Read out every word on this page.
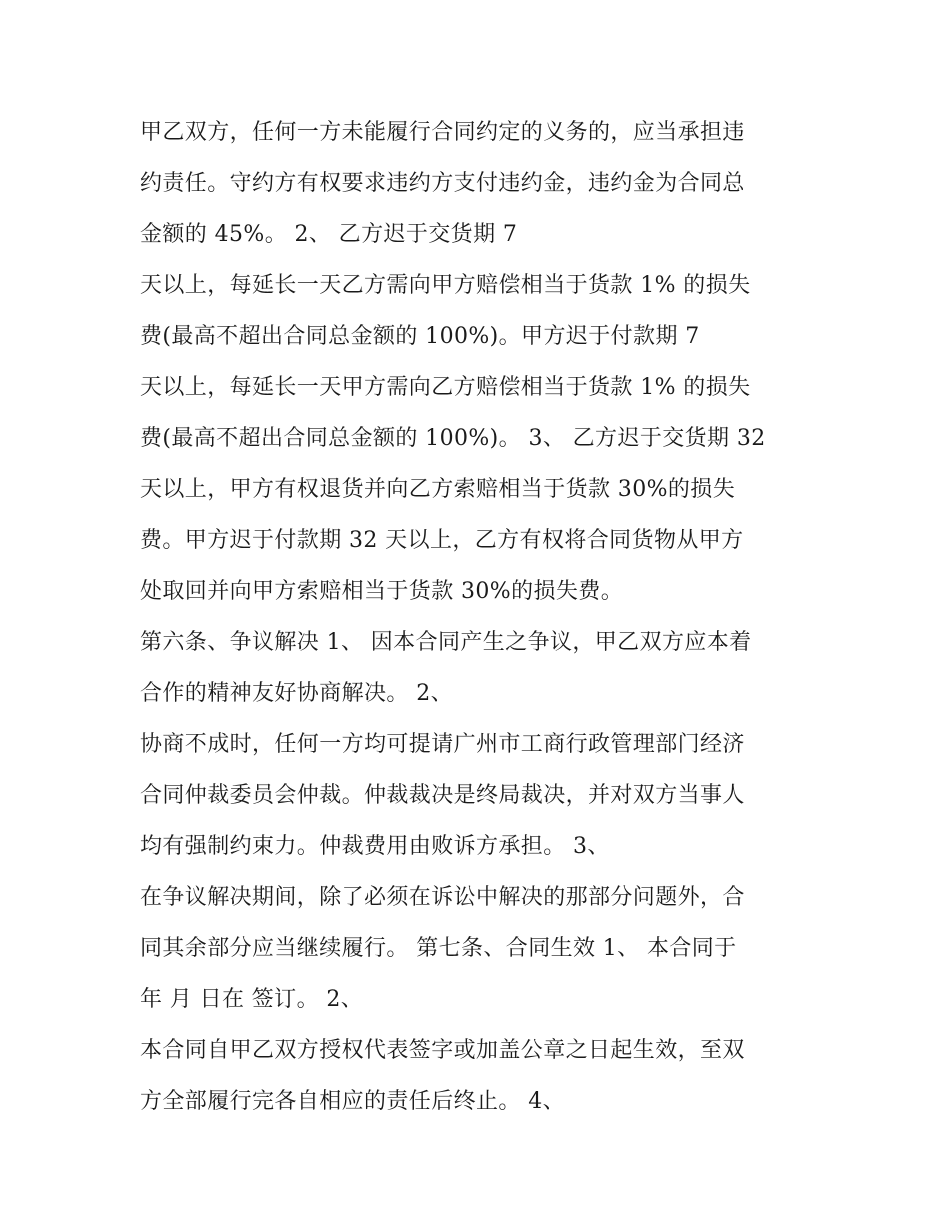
甲乙双方，任何一方未能履行合同约定的义务的，应当承担违
约责任。守约方有权要求违约方支付违约金，违约金为合同总
金额的 45%。 2、 乙方迟于交货期 7
天以上，每延长一天乙方需向甲方赔偿相当于货款 1% 的损失
费(最高不超出合同总金额的 100%)。甲方迟于付款期 7
天以上，每延长一天甲方需向乙方赔偿相当于货款 1% 的损失
费(最高不超出合同总金额的 100%)。 3、 乙方迟于交货期 32
天以上，甲方有权退货并向乙方索赔相当于货款 30%的损失
费。甲方迟于付款期 32 天以上，乙方有权将合同货物从甲方
处取回并向甲方索赔相当于货款 30%的损失费。
第六条、争议解决 1、 因本合同产生之争议，甲乙双方应本着
合作的精神友好协商解决。 2、
协商不成时，任何一方均可提请广州市工商行政管理部门经济
合同仲裁委员会仲裁。仲裁裁决是终局裁决，并对双方当事人
均有强制约束力。仲裁费用由败诉方承担。 3、
在争议解决期间，除了必须在诉讼中解决的那部分问题外，合
同其余部分应当继续履行。 第七条、合同生效 1、 本合同于
年 月 日在 签订。 2、
本合同自甲乙双方授权代表签字或加盖公章之日起生效，至双
方全部履行完各自相应的责任后终止。 4、
